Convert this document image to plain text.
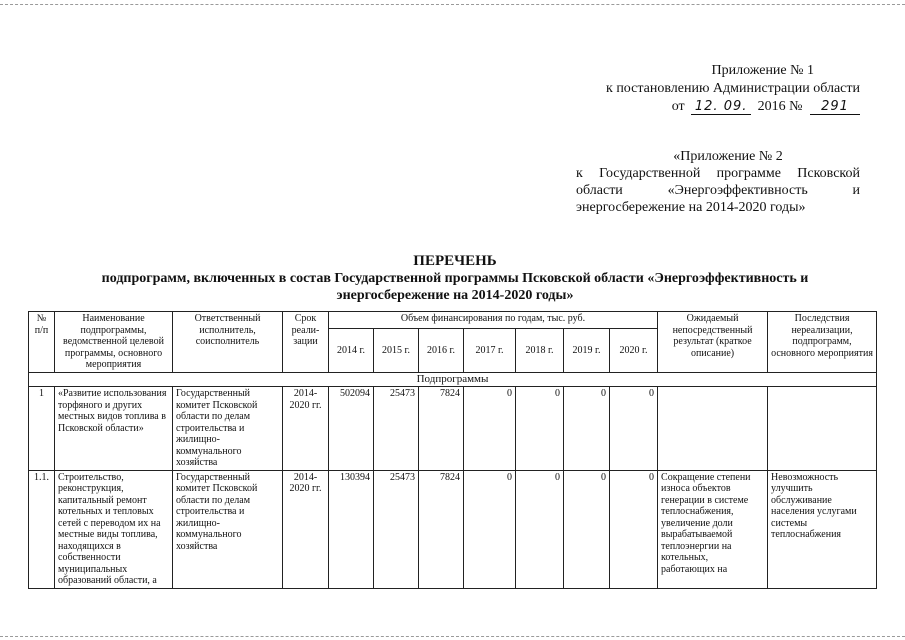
Приложение № 1
к постановлению Администрации области
от 12. 09. 2016 № 291
«Приложение № 2
к Государственной программе Псковской области «Энергоэффективность и энергосбережение на 2014-2020 годы»
ПЕРЕЧЕНЬ
подпрограмм, включенных в состав Государственной программы Псковской области «Энергоэффективность и энергосбережение на 2014-2020 годы»
№ п/п	Наименование подпрограммы, ведомственной целевой программы, основного мероприятия	Ответственный исполнитель, соисполнитель	Срок реали-зации	Объем финансирования по годам, тыс. руб.							Ожидаемый непосредственный результат (краткое описание)	Последствия нереализации, подпрограмм, основного мероприятия
				2014 г.	2015 г.	2016 г.	2017 г.	2018 г.	2019 г.	2020 г.		
Подпрограммы												
1	«Развитие использования торфяного и других местных видов топлива в Псковской области»	Государственный комитет Псковской области по делам строительства и жилищно-коммунального хозяйства	2014-2020 гг.	502094	25473	7824	0	0	0	0		
1.1.	Строительство, реконструкция, капитальный ремонт котельных и тепловых сетей с переводом их на местные виды топлива, находящихся в собственности муниципальных образований области, а	Государственный комитет Псковской области по делам строительства и жилищно-коммунального хозяйства	2014-2020 гг.	130394	25473	7824	0	0	0	0	Сокращение степени износа объектов генерации в системе теплоснабжения, увеличение доли вырабатываемой теплоэнергии на котельных, работающих на	Невозможность улучшить обслуживание населения услугами системы теплоснабжения
